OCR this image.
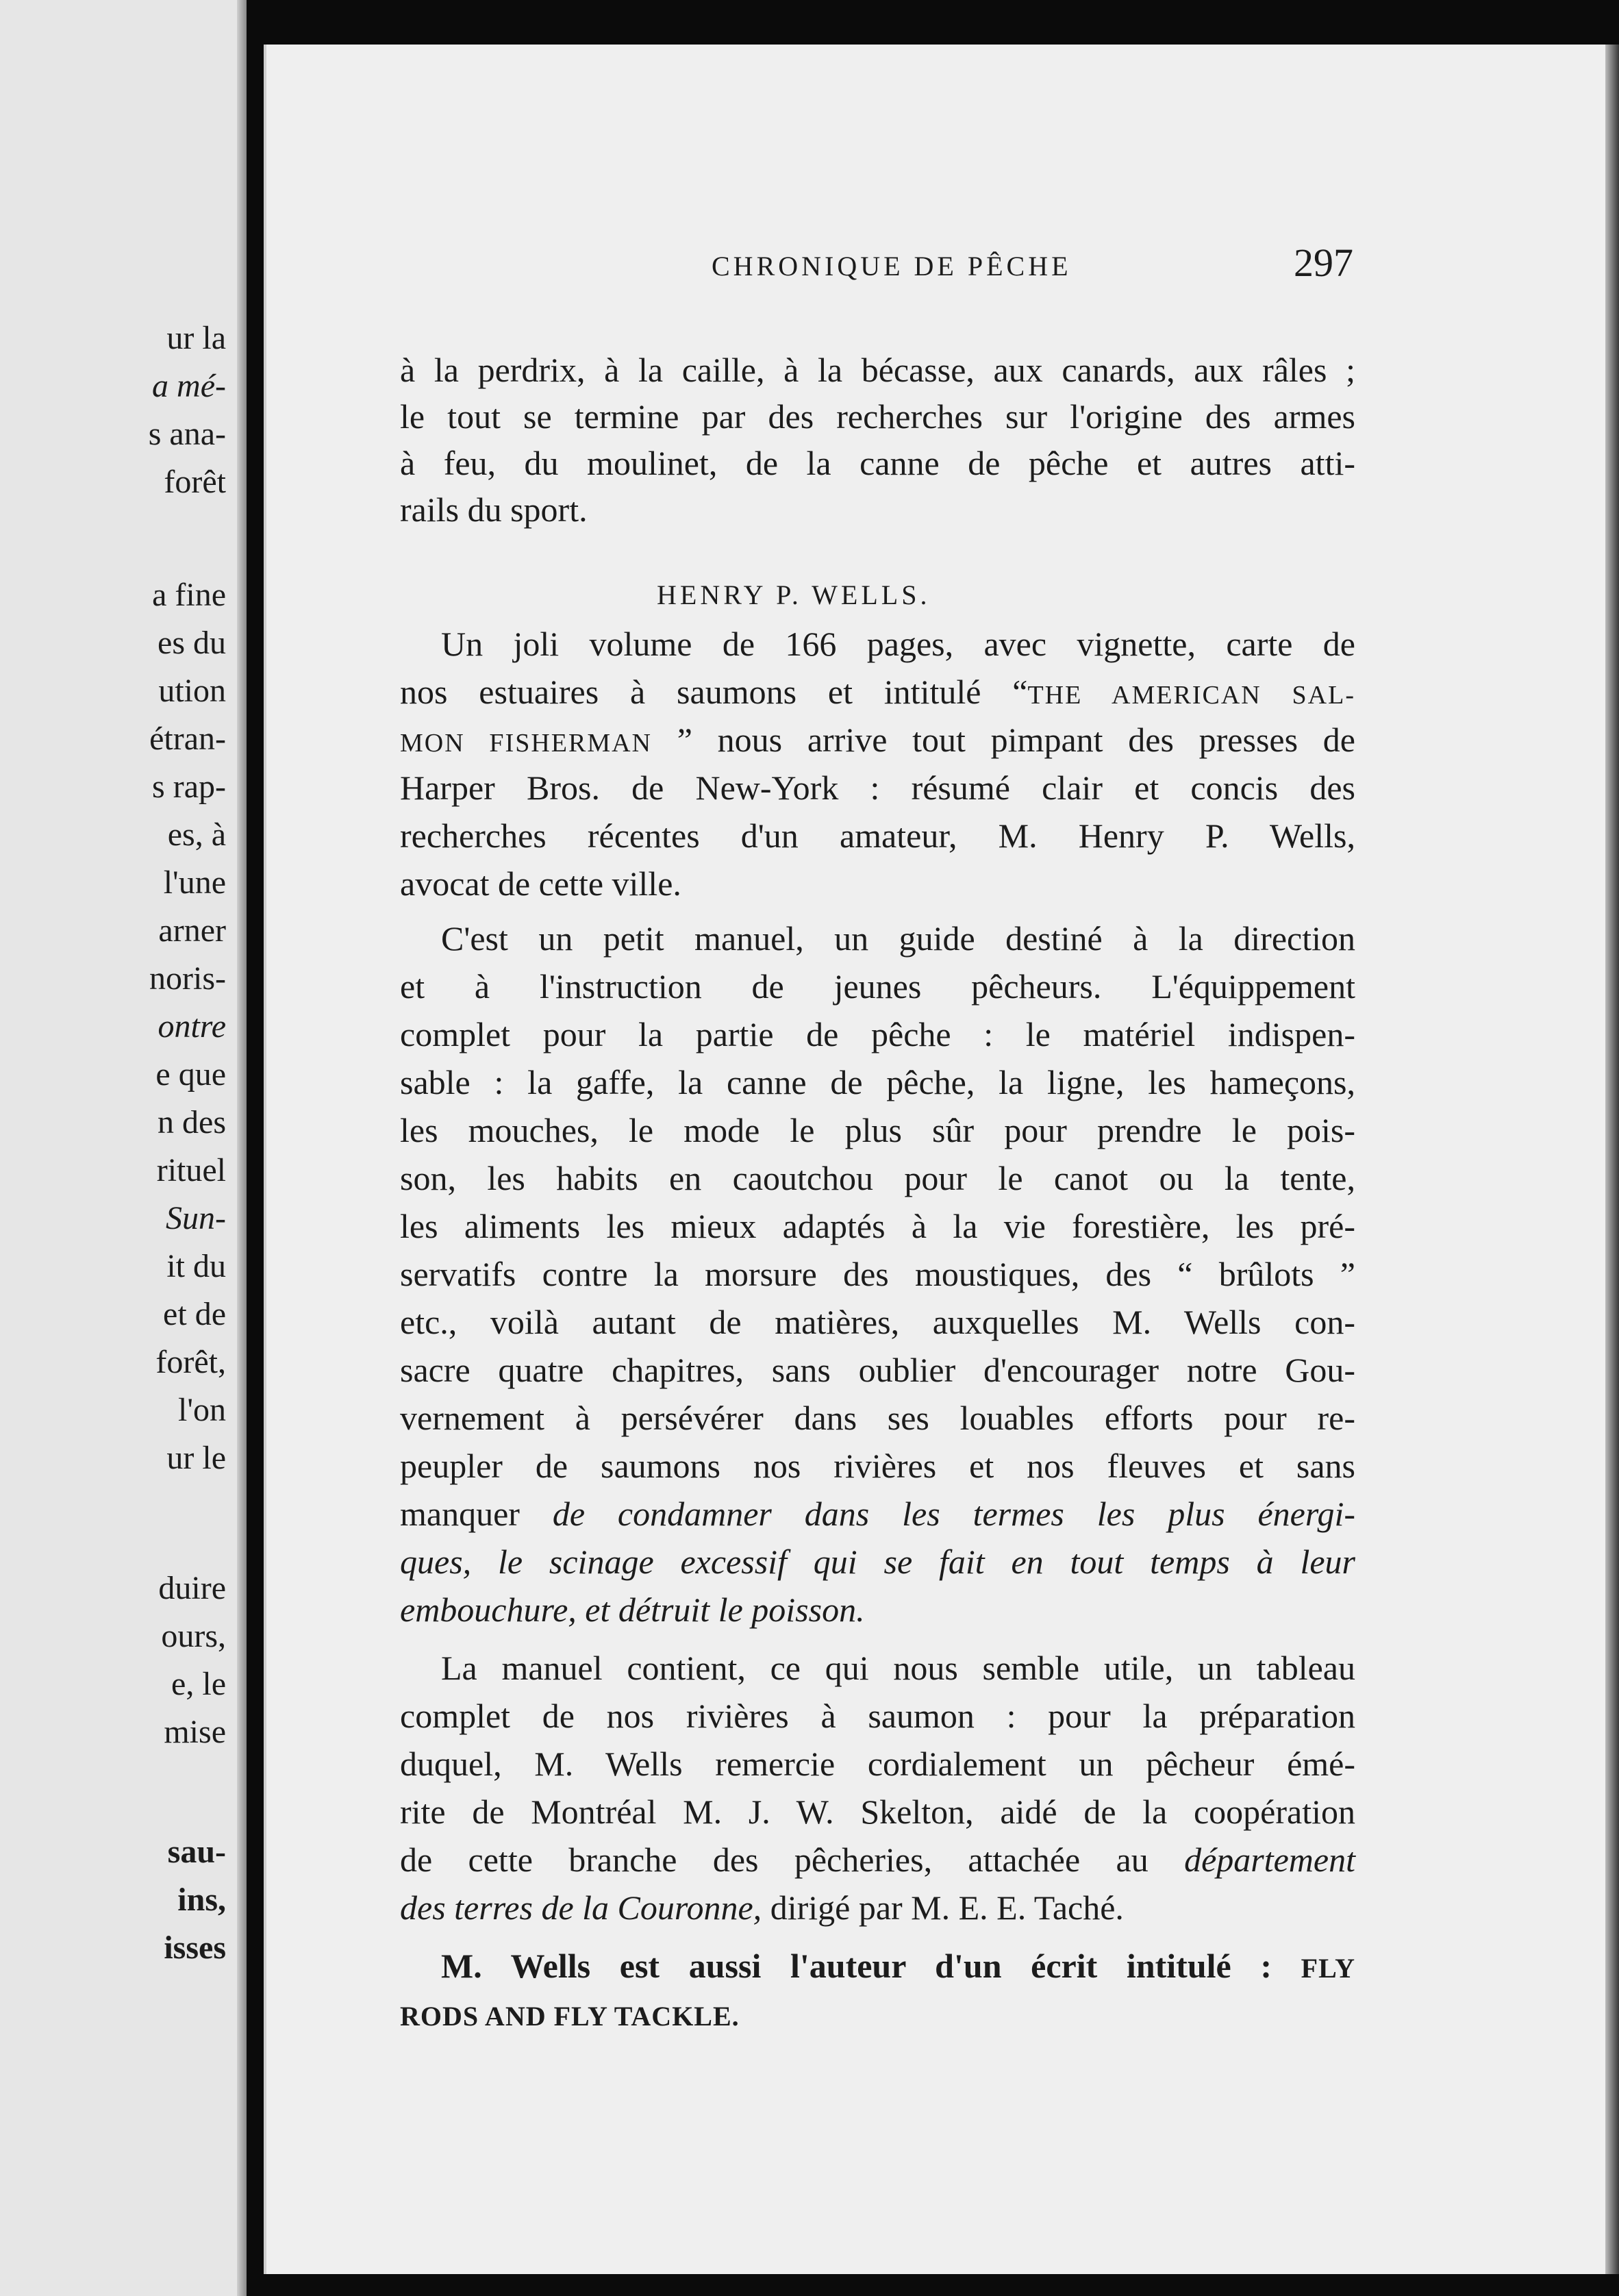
ur la

a mé-

s ana-

forêt

a fine

es du

ution

étran-

s rap-

es, à

l'une

arner

noris-

ontre

e que

n des

rituel

Sun-

it du

et de

forêt,

l'on

ur le

duire

ours,

e, le

mise

sau-

ins,

isses

CHRONIQUE DE PÊCHE	297

à la perdrix, à la caille, à la bécasse, aux canards, aux râles ;

le tout se termine par des recherches sur l'origine des armes

à feu, du moulinet, de la canne de pêche et autres atti-

rails du sport.

HENRY P. WELLS.

Un joli volume de 166 pages, avec vignette, carte de

nos estuaires à saumons et intitulé “THE AMERICAN SAL-

MON FISHERMAN ” nous arrive tout pimpant des presses de

Harper Bros. de New-York : résumé clair et concis des

recherches récentes d'un amateur, M. Henry P. Wells,

avocat de cette ville.

C'est un petit manuel, un guide destiné à la direction

et à l'instruction de jeunes pêcheurs. L'équippement

complet pour la partie de pêche : le matériel indispen-

sable : la gaffe, la canne de pêche, la ligne, les hameçons,

les mouches, le mode le plus sûr pour prendre le pois-

son, les habits en caoutchou pour le canot ou la tente,

les aliments les mieux adaptés à la vie forestière, les pré-

servatifs contre la morsure des moustiques, des “ brûlots ”

etc., voilà autant de matières, auxquelles M. Wells con-

sacre quatre chapitres, sans oublier d'encourager notre Gou-

vernement à persévérer dans ses louables efforts pour re-

peupler de saumons nos rivières et nos fleuves et sans

manquer de condamner dans les termes les plus énergi-

ques, le scinage excessif qui se fait en tout temps à leur

embouchure, et détruit le poisson.

La manuel contient, ce qui nous semble utile, un tableau

complet de nos rivières à saumon : pour la préparation

duquel, M. Wells remercie cordialement un pêcheur émé-

rite de Montréal M. J. W. Skelton, aidé de la coopération

de cette branche des pêcheries, attachée au département

des terres de la Couronne, dirigé par M. E. E. Taché.

M. Wells est aussi l'auteur d'un écrit intitulé : FLY

RODS AND FLY TACKLE.
